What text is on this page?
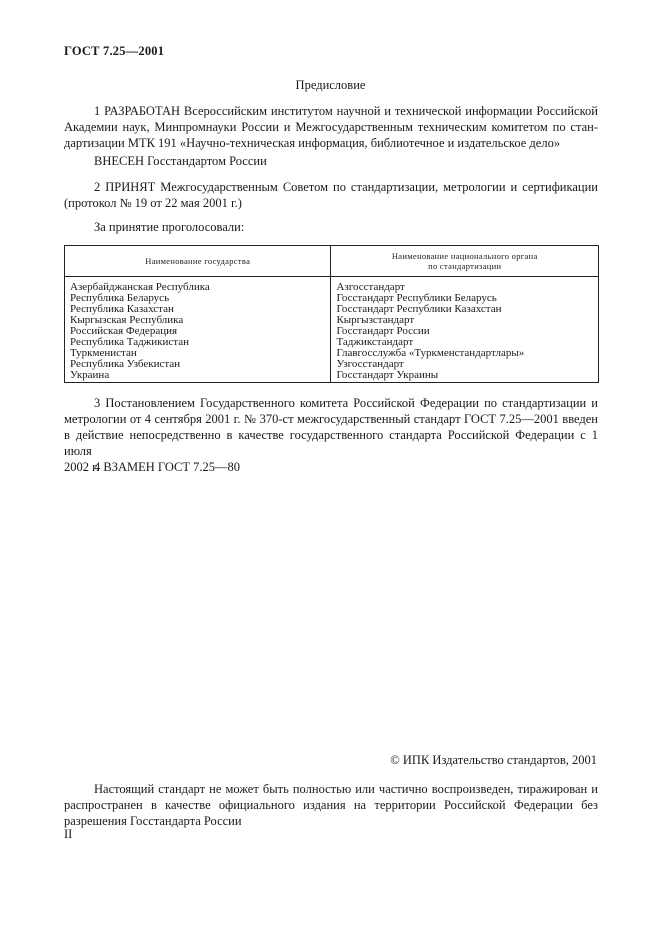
ГОСТ 7.25—2001
Предисловие
1 РАЗРАБОТАН Всероссийским институтом научной и технической информации Российской
Академии наук, Минпромнауки России и Межгосударственным техническим комитетом по стан-
дартизации МТК 191 «Научно-техническая информация, библиотечное и издательское дело»
ВНЕСЕН Госстандартом России
2 ПРИНЯТ Межгосударственным Советом по стандартизации, метрологии и сертификации
(протокол № 19 от 22 мая 2001 г.)
За принятие проголосовали:
Наименование государства	Наименование национального органа
по стандартизации
Азербайджанская Республика	Азгосстандарт
Республика Беларусь	Госстандарт Республики Беларусь
Республика Казахстан	Госстандарт Республики Казахстан
Кыргызская Республика	Кыргызстандарт
Российская Федерация	Госстандарт России
Республика Таджикистан	Таджикстандарт
Туркменистан	Главгосслужба «Туркменстандартлары»
Республика Узбекистан	Узгосстандарт
Украина	Госстандарт Украины
3 Постановлением Государственного комитета Российской Федерации по стандартизации и
метрологии от 4 сентября 2001 г. № 370-ст межгосударственный стандарт ГОСТ 7.25—2001 введен
в действие непосредственно в качестве государственного стандарта Российской Федерации с 1 июля
2002 г.
4 ВЗАМЕН ГОСТ 7.25—80
© ИПК Издательство стандартов, 2001
Настоящий стандарт не может быть полностью или частично воспроизведен, тиражирован и
распространен в качестве официального издания на территории Российской Федерации без
разрешения Госстандарта России
II
